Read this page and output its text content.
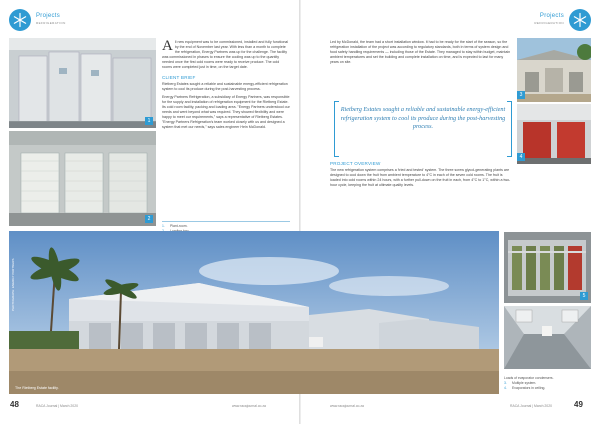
Projects
REFRIGERATION
Projects
REFRIGERATION
1
2

All new equipment was to be commissioned, installed and fully functional by the end of November last year. With less than a month to complete the refrigeration, Energy Partners was up for the challenge. The facility was commissioned in phases to ensure the cooling was up to the quantity needed once the first cold rooms were ready to receive produce. The cold rooms were completed just in time, on the target date.

CLIENT BRIEF

Rietberg Estates sought a reliable and sustainable energy-efficient refrigeration system to cool its produce during the post-harvesting process.

Energy Partners Refrigeration, a subsidiary of Energy Partners, was responsible for the supply and installation of refrigeration equipment for the Rietberg Estate. Its cold room facility, packing and loading area. "Energy Partners understood our needs and went beyond what was required. They showed flexibility and were happy to meet our requirements," says a representative of Rietberg Estates. "Energy Partners Refrigeration's team worked closely with us and designed a system that met our needs," says sales engineer Hein McDonald.

1. Plant-room.

Led by McDonald, the team had a short installation window. It had to be ready for the start of the season, so the refrigeration installation of the project was according to regulatory standards, both in terms of system design and food safety handling requirements — including those of the Estate. They managed to stay within budget, maintain ambient temperatures and set the building and complete installation on time, and is expected to last for many years on site.

Rietberg Estates sought a reliable and sustainable energy-efficient refrigeration system to cool its produce during the post-harvesting process.
PROJECT OVERVIEW

The new refrigeration system comprises a 'tried and tested' system. The three screw glycol-generating plants are designed to cool down the fruit from ambient temperature to 4°C in each of the seven cold rooms. The fruit is loaded into cold rooms within 24 hours, with a further pull-down on the fruit in each, from 4°C to 1°C, within a two-hour cycle, keeping the fruit at ultimate quality levels.

3
4
PHOTOGRAPH: ENERGY PARTNERS
The Rietberg Estate facility.
5
Loads of evaporator condensers.
3. Multiple system.
4. Evaporators in ceiling.
48	RACA Journal | March 2020	www.racajournal.co.za	www.racajournal.co.za	RACA Journal | March 2020	49
